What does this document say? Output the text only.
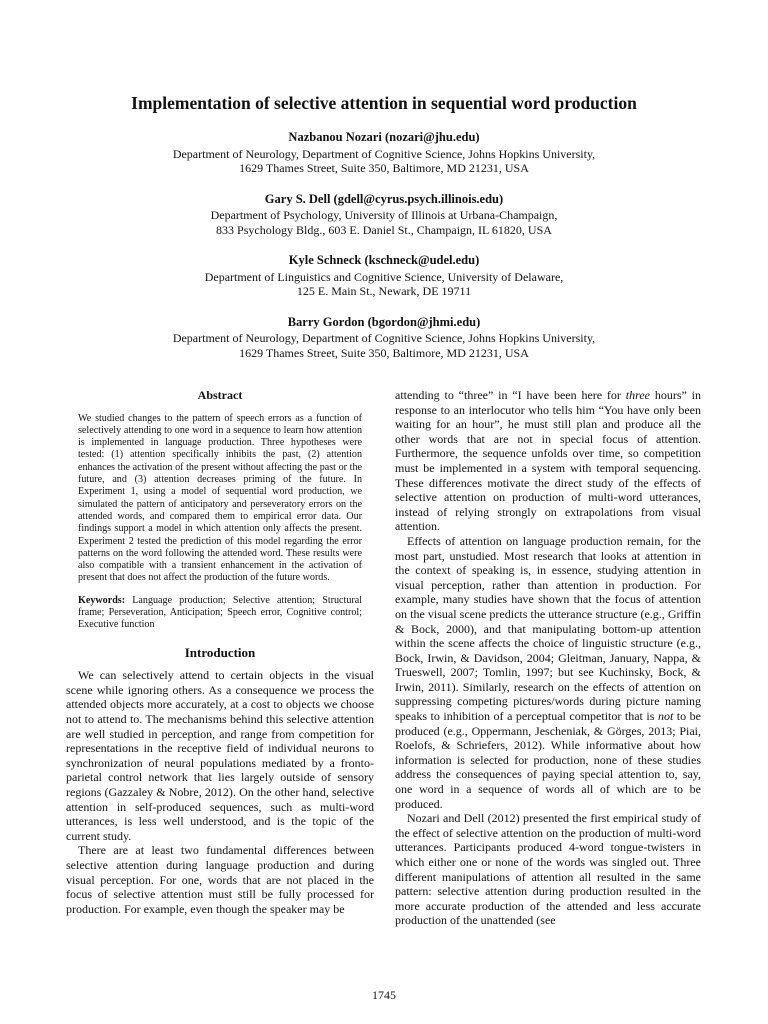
Implementation of selective attention in sequential word production
Nazbanou Nozari (nozari@jhu.edu)
Department of Neurology, Department of Cognitive Science, Johns Hopkins University,
1629 Thames Street, Suite 350, Baltimore, MD 21231, USA
Gary S. Dell (gdell@cyrus.psych.illinois.edu)
Department of Psychology, University of Illinois at Urbana-Champaign,
833 Psychology Bldg., 603 E. Daniel St., Champaign, IL 61820, USA
Kyle Schneck (kschneck@udel.edu)
Department of Linguistics and Cognitive Science, University of Delaware,
125 E. Main St., Newark, DE 19711
Barry Gordon (bgordon@jhmi.edu)
Department of Neurology, Department of Cognitive Science, Johns Hopkins University,
1629 Thames Street, Suite 350, Baltimore, MD 21231, USA
Abstract

We studied changes to the pattern of speech errors as a function of selectively attending to one word in a sequence to learn how attention is implemented in language production. Three hypotheses were tested: (1) attention specifically inhibits the past, (2) attention enhances the activation of the present without affecting the past or the future, and (3) attention decreases priming of the future. In Experiment 1, using a model of sequential word production, we simulated the pattern of anticipatory and perseveratory errors on the attended words, and compared them to empirical error data. Our findings support a model in which attention only affects the present. Experiment 2 tested the prediction of this model regarding the error patterns on the word following the attended word. These results were also compatible with a transient enhancement in the activation of present that does not affect the production of the future words.

Keywords: Language production; Selective attention; Structural frame; Perseveration, Anticipation; Speech error, Cognitive control; Executive function

Introduction

We can selectively attend to certain objects in the visual scene while ignoring others. As a consequence we process the attended objects more accurately, at a cost to objects we choose not to attend to. The mechanisms behind this selective attention are well studied in perception, and range from competition for representations in the receptive field of individual neurons to synchronization of neural populations mediated by a fronto-parietal control network that lies largely outside of sensory regions (Gazzaley & Nobre, 2012). On the other hand, selective attention in self-produced sequences, such as multi-word utterances, is less well understood, and is the topic of the current study.

There are at least two fundamental differences between selective attention during language production and during visual perception. For one, words that are not placed in the focus of selective attention must still be fully processed for production. For example, even though the speaker may be

attending to “three” in “I have been here for three hours” in response to an interlocutor who tells him “You have only been waiting for an hour”, he must still plan and produce all the other words that are not in special focus of attention. Furthermore, the sequence unfolds over time, so competition must be implemented in a system with temporal sequencing. These differences motivate the direct study of the effects of selective attention on production of multi-word utterances, instead of relying strongly on extrapolations from visual attention.

Effects of attention on language production remain, for the most part, unstudied. Most research that looks at attention in the context of speaking is, in essence, studying attention in visual perception, rather than attention in production. For example, many studies have shown that the focus of attention on the visual scene predicts the utterance structure (e.g., Griffin & Bock, 2000), and that manipulating bottom-up attention within the scene affects the choice of linguistic structure (e.g., Bock, Irwin, & Davidson, 2004; Gleitman, January, Nappa, & Trueswell, 2007; Tomlin, 1997; but see Kuchinsky, Bock, & Irwin, 2011). Similarly, research on the effects of attention on suppressing competing pictures/words during picture naming speaks to inhibition of a perceptual competitor that is not to be produced (e.g., Oppermann, Jescheniak, & Görges, 2013; Piai, Roelofs, & Schriefers, 2012). While informative about how information is selected for production, none of these studies address the consequences of paying special attention to, say, one word in a sequence of words all of which are to be produced.

Nozari and Dell (2012) presented the first empirical study of the effect of selective attention on the production of multi-word utterances. Participants produced 4-word tongue-twisters in which either one or none of the words was singled out. Three different manipulations of attention all resulted in the same pattern: selective attention during production resulted in the more accurate production of the attended and less accurate production of the unattended (see

1745
